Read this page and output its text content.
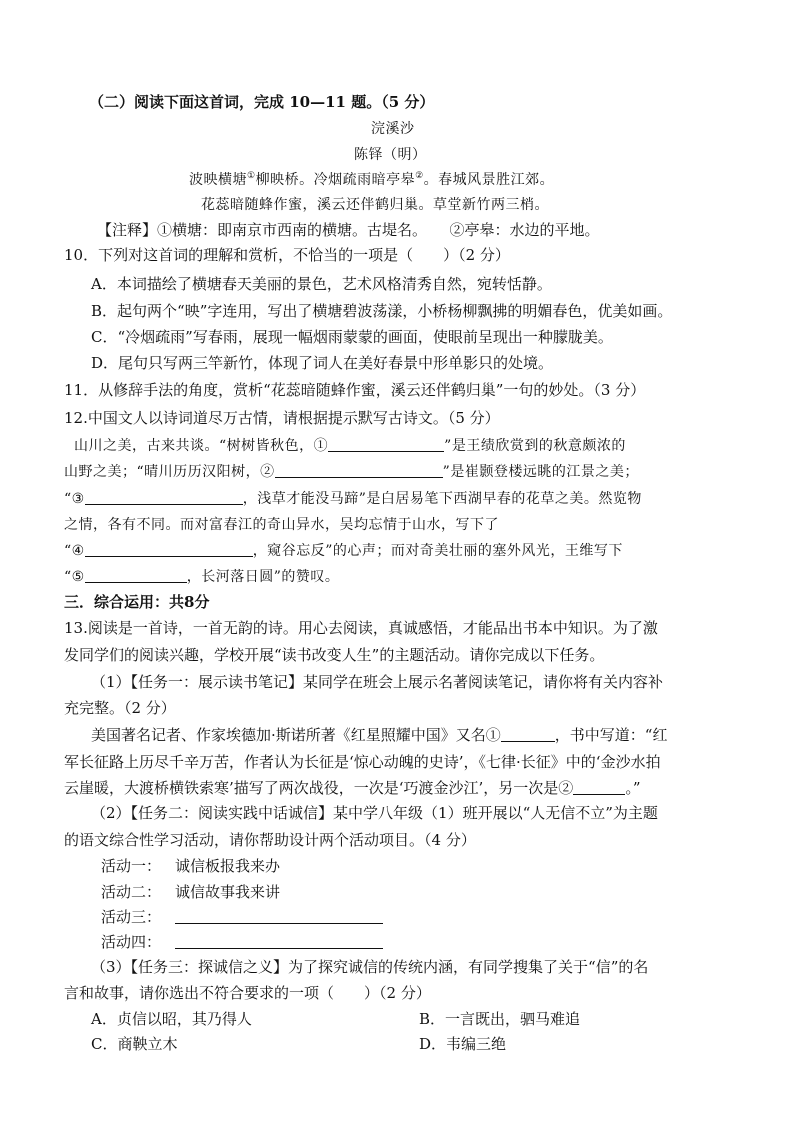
（二）阅读下面这首词，完成 10—11 题。（5 分）
浣溪沙
陈铎（明）
波映横塘①柳映桥。冷烟疏雨暗亭皋②。春城风景胜江郊。
花蕊暗随蜂作蜜，溪云还伴鹤归巢。草堂新竹两三梢。
【注释】①横塘：即南京市西南的横塘。古堤名。　　②亭皋：水边的平地。
10．下列对这首词的理解和赏析，不恰当的一项是（　　）（2 分）
A．本词描绘了横塘春天美丽的景色，艺术风格清秀自然，宛转恬静。
B．起句两个“映”字连用，写出了横塘碧波荡漾，小桥杨柳飘拂的明媚春色，优美如画。
C．“冷烟疏雨”写春雨，展现一幅烟雨蒙蒙的画面，使眼前呈现出一种朦胧美。
D．尾句只写两三竿新竹，体现了词人在美好春景中形单影只的处境。
11．从修辞手法的角度，赏析“花蕊暗随蜂作蜜，溪云还伴鹤归巢”一句的妙处。（3 分）
12.中国文人以诗词道尽万古情，请根据提示默写古诗文。（5 分）
山川之美，古来共谈。“树树皆秋色，①	”是王绩欣赏到的秋意颇浓的
山野之美；“晴川历历汉阳树，②	”是崔颢登楼远眺的江景之美；
“③	，浅草才能没马蹄”是白居易笔下西湖早春的花草之美。然览物
之情，各有不同。而对富春江的奇山异水，吴均忘情于山水，写下了
“④	，窥谷忘反”的心声；而对奇美壮丽的塞外风光，王维写下
“⑤	，长河落日圆”的赞叹。
三．综合运用：共8分
13.阅读是一首诗，一首无韵的诗。用心去阅读，真诚感悟，才能品出书本中知识。为了激
发同学们的阅读兴趣，学校开展“读书改变人生”的主题活动。请你完成以下任务。
（1）【任务一：展示读书笔记】某同学在班会上展示名著阅读笔记，请你将有关内容补
充完整。（2 分）
美国著名记者、作家埃德加·斯诺所著《红星照耀中国》又名①	，书中写道：“红
军长征路上历尽千辛万苦，作者认为长征是‘惊心动魄的史诗’，《七律·长征》中的‘金沙水拍
云崖暖，大渡桥横铁索寒’描写了两次战役，一次是‘巧渡金沙江’，另一次是②	。”
（2）【任务二：阅读实践中话诚信】某中学八年级（1）班开展以“人无信不立”为主题
的语文综合性学习活动，请你帮助设计两个活动项目。（4 分）
活动一： 诚信板报我来办
活动二： 诚信故事我来讲
活动三：
活动四：
（3）【任务三：探诚信之义】为了探究诚信的传统内涵，有同学搜集了关于“信”的名
言和故事，请你选出不符合要求的一项（　　）（2 分）
A．贞信以昭，其乃得人	B．一言既出，驷马难追
C．商鞅立木	D．韦编三绝
